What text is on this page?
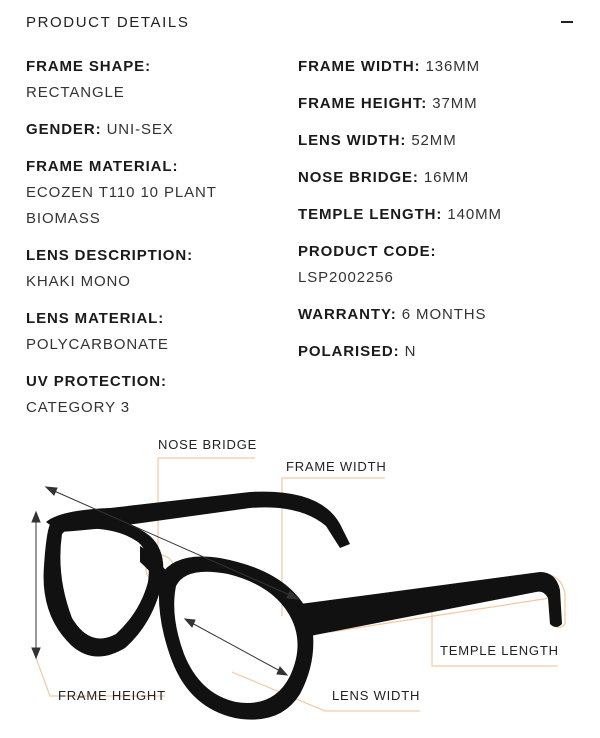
PRODUCT DETAILS
FRAME SHAPE:
RECTANGLE
GENDER: UNI-SEX
FRAME MATERIAL:
ECOZEN T110 10 PLANT BIOMASS
LENS DESCRIPTION:
KHAKI MONO
LENS MATERIAL:
POLYCARBONATE
UV PROTECTION:
CATEGORY 3
FRAME WIDTH: 136MM
FRAME HEIGHT: 37MM
LENS WIDTH: 52MM
NOSE BRIDGE: 16MM
TEMPLE LENGTH: 140MM
PRODUCT CODE:
LSP2002256
WARRANTY: 6 MONTHS
POLARISED: N
NOSE BRIDGE
FRAME WIDTH
TEMPLE LENGTH
FRAME HEIGHT	LENS WIDTH
